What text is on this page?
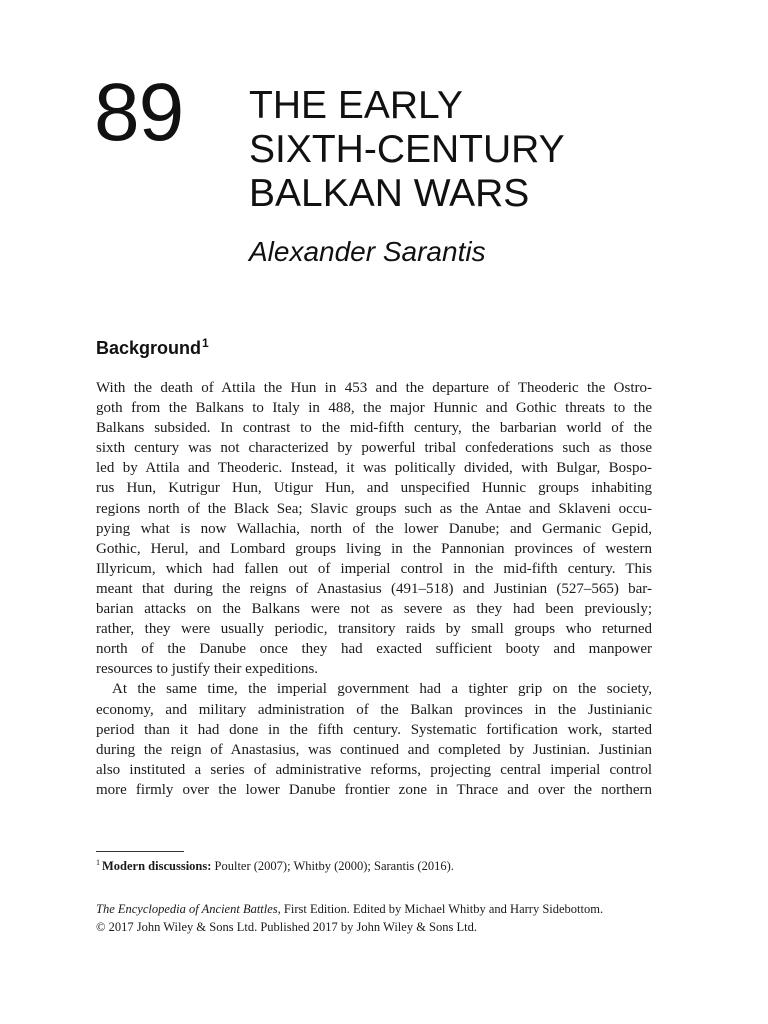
89 THE EARLY
SIXTH-CENTURY
BALKAN WARS
Alexander Sarantis
Background$^1$
With the death of Attila the Hun in 453 and the departure of Theoderic the Ostro-
goth from the Balkans to Italy in 488, the major Hunnic and Gothic threats to the
Balkans subsided. In contrast to the mid-fifth century, the barbarian world of the
sixth century was not characterized by powerful tribal confederations such as those
led by Attila and Theoderic. Instead, it was politically divided, with Bulgar, Bospo-
rus Hun, Kutrigur Hun, Utigur Hun, and unspecified Hunnic groups inhabiting
regions north of the Black Sea; Slavic groups such as the Antae and Sklaveni occu-
pying what is now Wallachia, north of the lower Danube; and Germanic Gepid,
Gothic, Herul, and Lombard groups living in the Pannonian provinces of western
Illyricum, which had fallen out of imperial control in the mid-fifth century. This
meant that during the reigns of Anastasius (491–518) and Justinian (527–565) bar-
barian attacks on the Balkans were not as severe as they had been previously;
rather, they were usually periodic, transitory raids by small groups who returned
north of the Danube once they had exacted sufficient booty and manpower
resources to justify their expeditions.
At the same time, the imperial government had a tighter grip on the society,
economy, and military administration of the Balkan provinces in the Justinianic
period than it had done in the fifth century. Systematic fortification work, started
during the reign of Anastasius, was continued and completed by Justinian. Justinian
also instituted a series of administrative reforms, projecting central imperial control
more firmly over the lower Danube frontier zone in Thrace and over the northern
$^1$ Modern discussions: Poulter (2007); Whitby (2000); Sarantis (2016).
The Encyclopedia of Ancient Battles, First Edition. Edited by Michael Whitby and Harry Sidebottom.
© 2017 John Wiley & Sons Ltd. Published 2017 by John Wiley & Sons Ltd.
